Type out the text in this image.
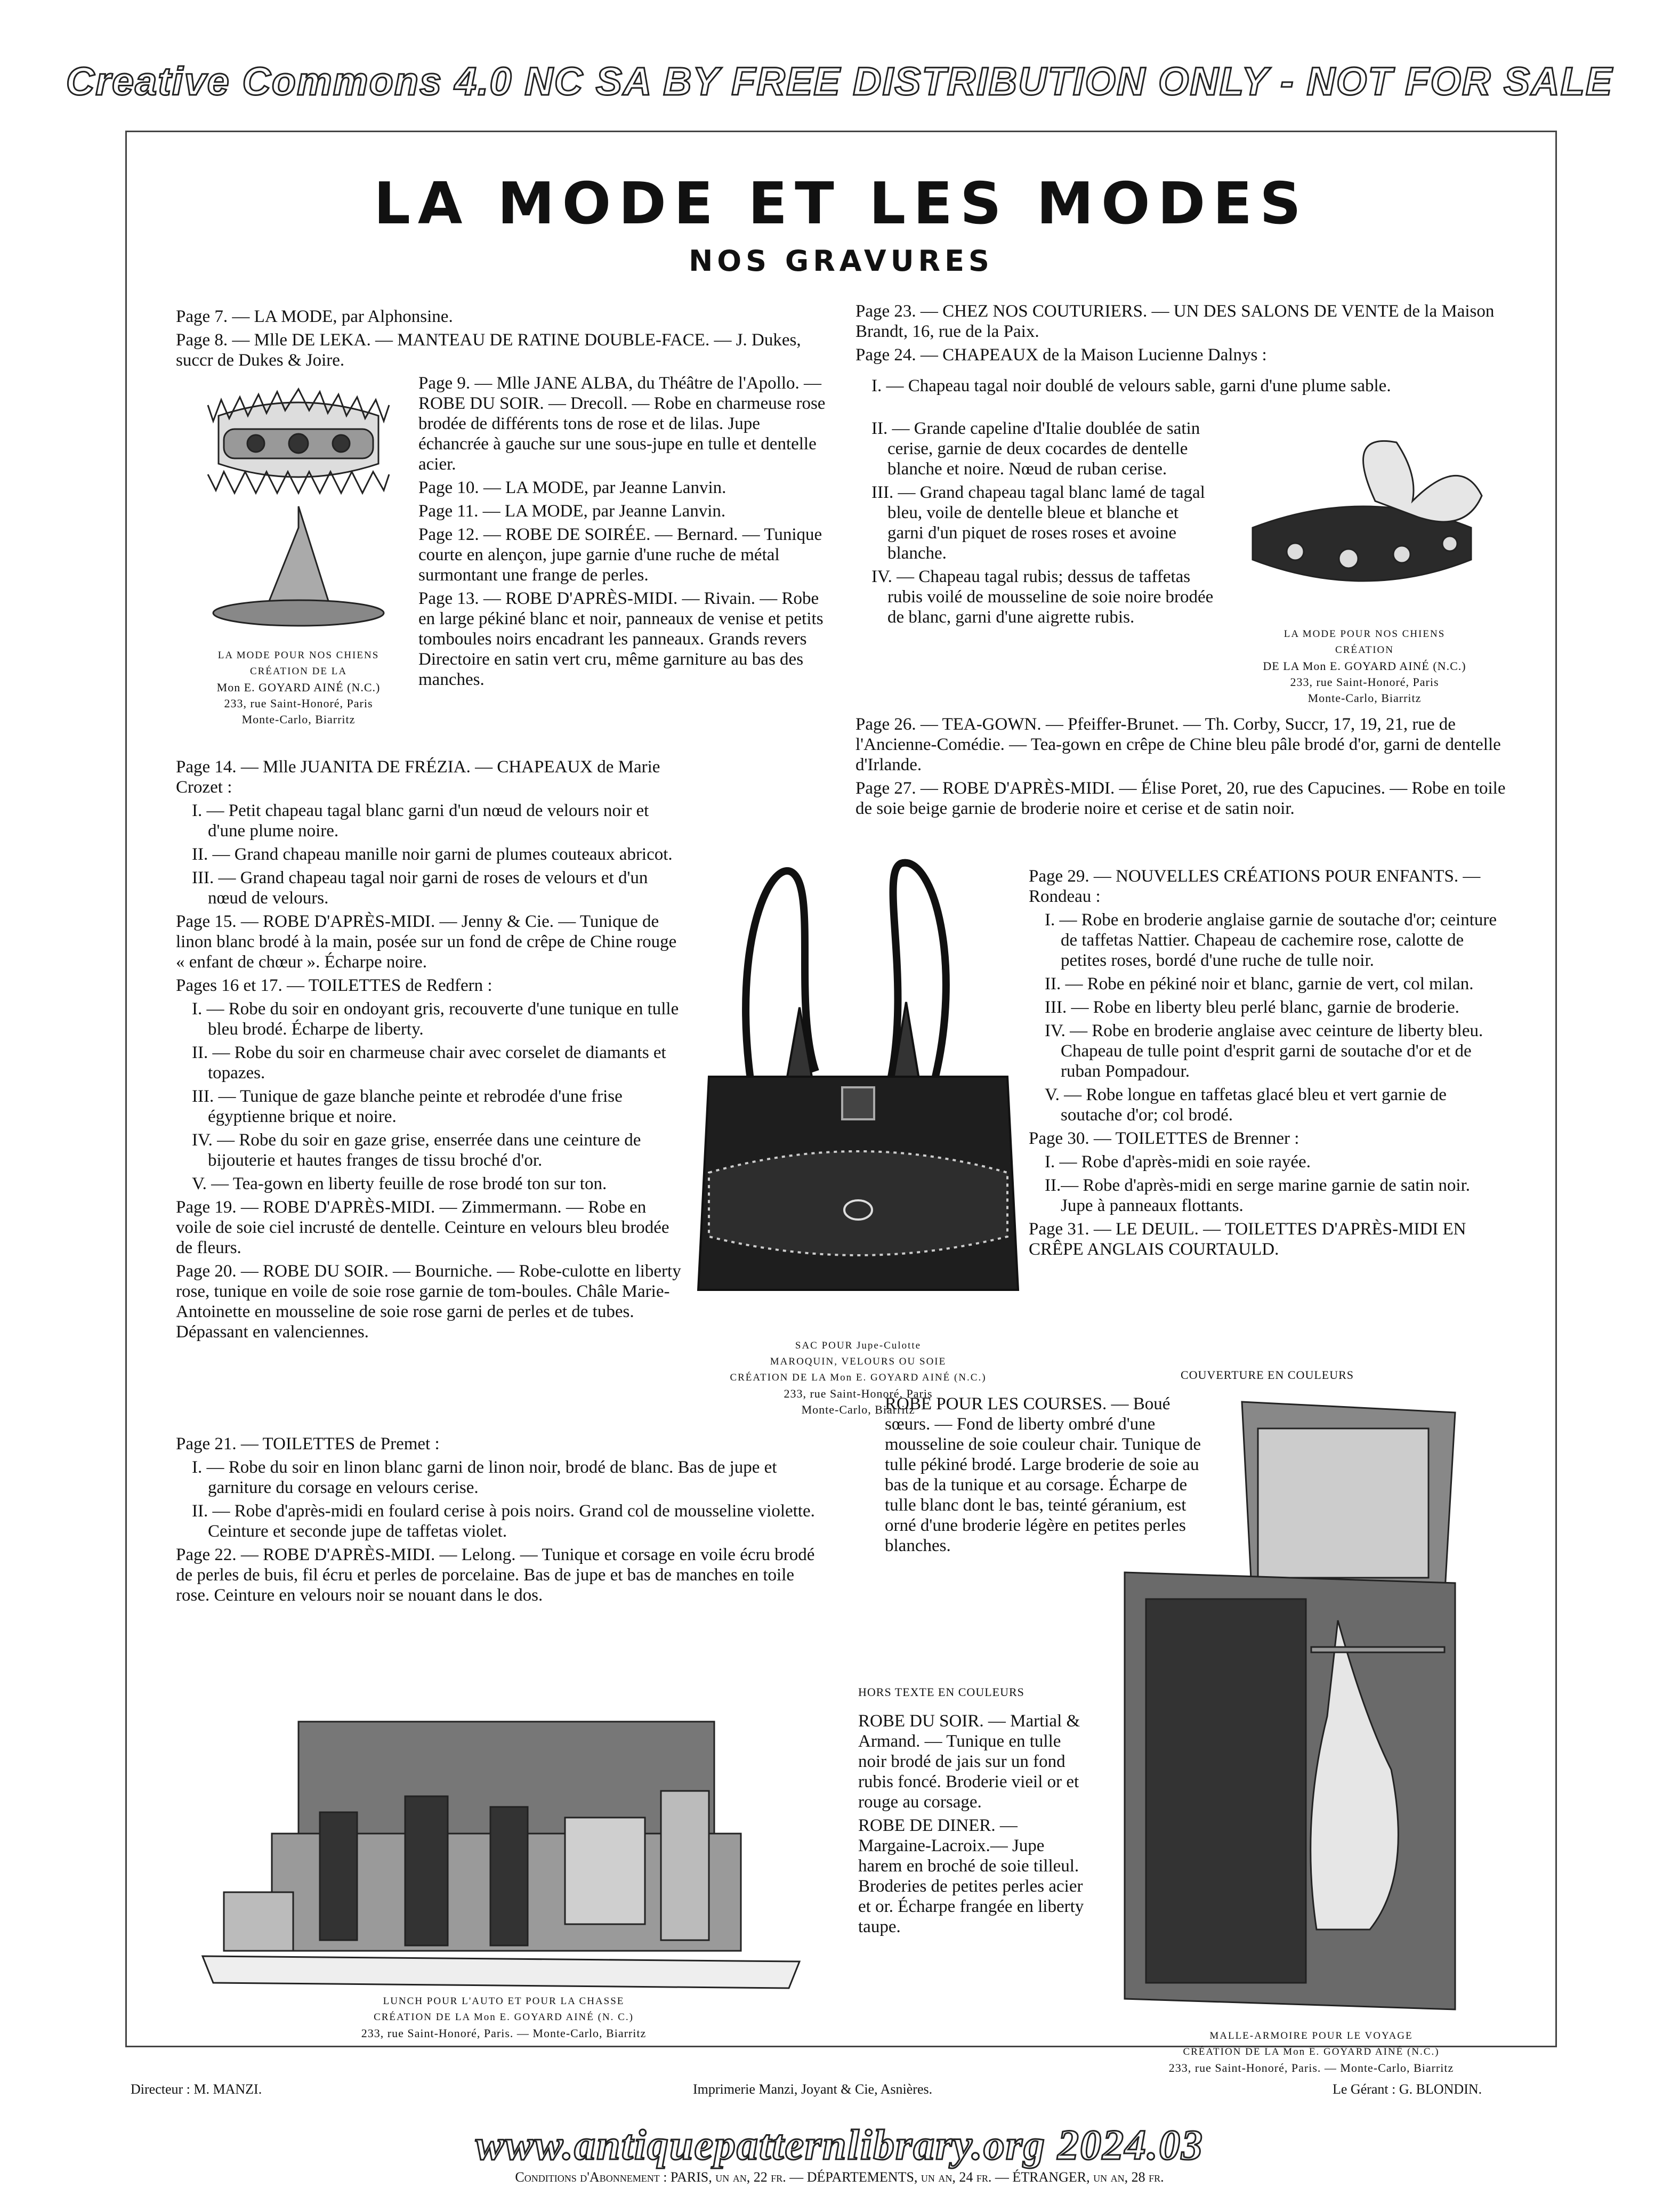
Creative Commons 4.0 NC SA BY FREE DISTRIBUTION ONLY - NOT FOR SALE
LA MODE ET LES MODES
NOS GRAVURES

Page 7. — LA MODE, par Alphonsine.

Page 8. — Mlle DE LEKA. — MANTEAU DE RATINE DOUBLE-FACE. — J. Dukes, succr de Dukes & Joire.

LA MODE POUR NOS CHIENS
CRÉATION DE LA
Mon E. GOYARD AINÉ (N.C.)
233, rue Saint-Honoré, Paris
Monte-Carlo, Biarritz

Page 9. — Mlle JANE ALBA, du Théâtre de l'Apollo. — ROBE DU SOIR. — Drecoll. — Robe en charmeuse rose brodée de différents tons de rose et de lilas. Jupe échancrée à gauche sur une sous-jupe en tulle et dentelle acier.

Page 10. — LA MODE, par Jeanne Lanvin.

Page 11. — LA MODE, par Jeanne Lanvin.

Page 12. — ROBE DE SOIRÉE. — Bernard. — Tunique courte en alençon, jupe garnie d'une ruche de métal surmontant une frange de perles.

Page 13. — ROBE D'APRÈS-MIDI. — Rivain. — Robe en large pékiné blanc et noir, panneaux de venise et petits tomboules noirs encadrant les panneaux. Grands revers Directoire en satin vert cru, même garniture au bas des manches.

Page 14. — Mlle JUANITA DE FRÉZIA. — CHAPEAUX de Marie Crozet :

I. — Petit chapeau tagal blanc garni d'un nœud de velours noir et d'une plume noire.

II. — Grand chapeau manille noir garni de plumes couteaux abricot.

III. — Grand chapeau tagal noir garni de roses de velours et d'un nœud de velours.

Page 15. — ROBE D'APRÈS-MIDI. — Jenny & Cie. — Tunique de linon blanc brodé à la main, posée sur un fond de crêpe de Chine rouge « enfant de chœur ». Écharpe noire.

Pages 16 et 17. — TOILETTES de Redfern :

I. — Robe du soir en ondoyant gris, recouverte d'une tunique en tulle bleu brodé. Écharpe de liberty.

II. — Robe du soir en charmeuse chair avec corselet de diamants et topazes.

III. — Tunique de gaze blanche peinte et rebrodée d'une frise égyptienne brique et noire.

IV. — Robe du soir en gaze grise, enserrée dans une ceinture de bijouterie et hautes franges de tissu broché d'or.

V. — Tea-gown en liberty feuille de rose brodé ton sur ton.

Page 19. — ROBE D'APRÈS-MIDI. — Zimmermann. — Robe en voile de soie ciel incrusté de dentelle. Ceinture en velours bleu brodée de fleurs.

Page 20. — ROBE DU SOIR. — Bourniche. — Robe-culotte en liberty rose, tunique en voile de soie rose garnie de tom-boules. Châle Marie-Antoinette en mousseline de soie rose garni de perles et de tubes. Dépassant en valenciennes.

SAC POUR Jupe-Culotte
MAROQUIN, VELOURS OU SOIE
CRÉATION DE LA Mon E. GOYARD AINÉ (N.C.)
233, rue Saint-Honoré, Paris
Monte-Carlo, Biarritz

Page 21. — TOILETTES de Premet :

I. — Robe du soir en linon blanc garni de linon noir, brodé de blanc. Bas de jupe et garniture du corsage en velours cerise.

II. — Robe d'après-midi en foulard cerise à pois noirs. Grand col de mousseline violette. Ceinture et seconde jupe de taffetas violet.

Page 22. — ROBE D'APRÈS-MIDI. — Lelong. — Tunique et corsage en voile écru brodé de perles de buis, fil écru et perles de porcelaine. Bas de jupe et bas de manches en toile rose. Ceinture en velours noir se nouant dans le dos.

LUNCH POUR L'AUTO ET POUR LA CHASSE
CRÉATION DE LA Mon E. GOYARD AINÉ (N. C.)
233, rue Saint-Honoré, Paris. — Monte-Carlo, Biarritz

Page 23. — CHEZ NOS COUTURIERS. — UN DES SALONS DE VENTE de la Maison Brandt, 16, rue de la Paix.

Page 24. — CHAPEAUX de la Maison Lucienne Dalnys :

I. — Chapeau tagal noir doublé de velours sable, garni d'une plume sable.

II. — Grande capeline d'Italie doublée de satin cerise, garnie de deux cocardes de dentelle blanche et noire. Nœud de ruban cerise.

III. — Grand chapeau tagal blanc lamé de tagal bleu, voile de dentelle bleue et blanche et garni d'un piquet de roses roses et avoine blanche.

IV. — Chapeau tagal rubis; dessus de taffetas rubis voilé de mousseline de soie noire brodée de blanc, garni d'une aigrette rubis.

LA MODE POUR NOS CHIENS
CRÉATION
DE LA Mon E. GOYARD AINÉ (N.C.)
233, rue Saint-Honoré, Paris
Monte-Carlo, Biarritz

Page 26. — TEA-GOWN. — Pfeiffer-Brunet. — Th. Corby, Succr, 17, 19, 21, rue de l'Ancienne-Comédie. — Tea-gown en crêpe de Chine bleu pâle brodé d'or, garni de dentelle d'Irlande.

Page 27. — ROBE D'APRÈS-MIDI. — Élise Poret, 20, rue des Capucines. — Robe en toile de soie beige garnie de broderie noire et cerise et de satin noir.

Page 29. — NOUVELLES CRÉATIONS POUR ENFANTS. — Rondeau :

I. — Robe en broderie anglaise garnie de soutache d'or; ceinture de taffetas Nattier. Chapeau de cachemire rose, calotte de petites roses, bordé d'une ruche de tulle noir.

II. — Robe en pékiné noir et blanc, garnie de vert, col milan.

III. — Robe en liberty bleu perlé blanc, garnie de broderie.

IV. — Robe en broderie anglaise avec ceinture de liberty bleu. Chapeau de tulle point d'esprit garni de soutache d'or et de ruban Pompadour.

V. — Robe longue en taffetas glacé bleu et vert garnie de soutache d'or; col brodé.

Page 30. — TOILETTES de Brenner :

I. — Robe d'après-midi en soie rayée.

II.— Robe d'après-midi en serge marine garnie de satin noir. Jupe à panneaux flottants.

Page 31. — LE DEUIL. — TOILETTES D'APRÈS-MIDI EN CRÊPE ANGLAIS COURTAULD.

COUVERTURE EN COULEURS

ROBE POUR LES COURSES. — Boué sœurs. — Fond de liberty ombré d'une mousseline de soie couleur chair. Tunique de tulle pékiné brodé. Large broderie de soie au bas de la tunique et au corsage. Écharpe de tulle blanc dont le bas, teinté géranium, est orné d'une broderie légère en petites perles blanches.

HORS TEXTE EN COULEURS

ROBE DU SOIR. — Martial & Armand. — Tunique en tulle noir brodé de jais sur un fond rubis foncé. Broderie vieil or et rouge au corsage.

ROBE DE DINER. — Margaine-Lacroix.— Jupe harem en broché de soie tilleul. Broderies de petites perles acier et or. Écharpe frangée en liberty taupe.

MALLE-ARMOIRE POUR LE VOYAGE
CRÉATION DE LA Mon E. GOYARD AINÉ (N.C.)
233, rue Saint-Honoré, Paris. — Monte-Carlo, Biarritz
Directeur : M. MANZI.	Imprimerie Manzi, Joyant & Cie, Asnières.	Le Gérant : G. BLONDIN.
Conditions d'Abonnement : PARIS, un an, 22 fr. — DÉPARTEMENTS, un an, 24 fr. — ÉTRANGER, un an, 28 fr.
www.antiquepatternlibrary.org 2024.03
